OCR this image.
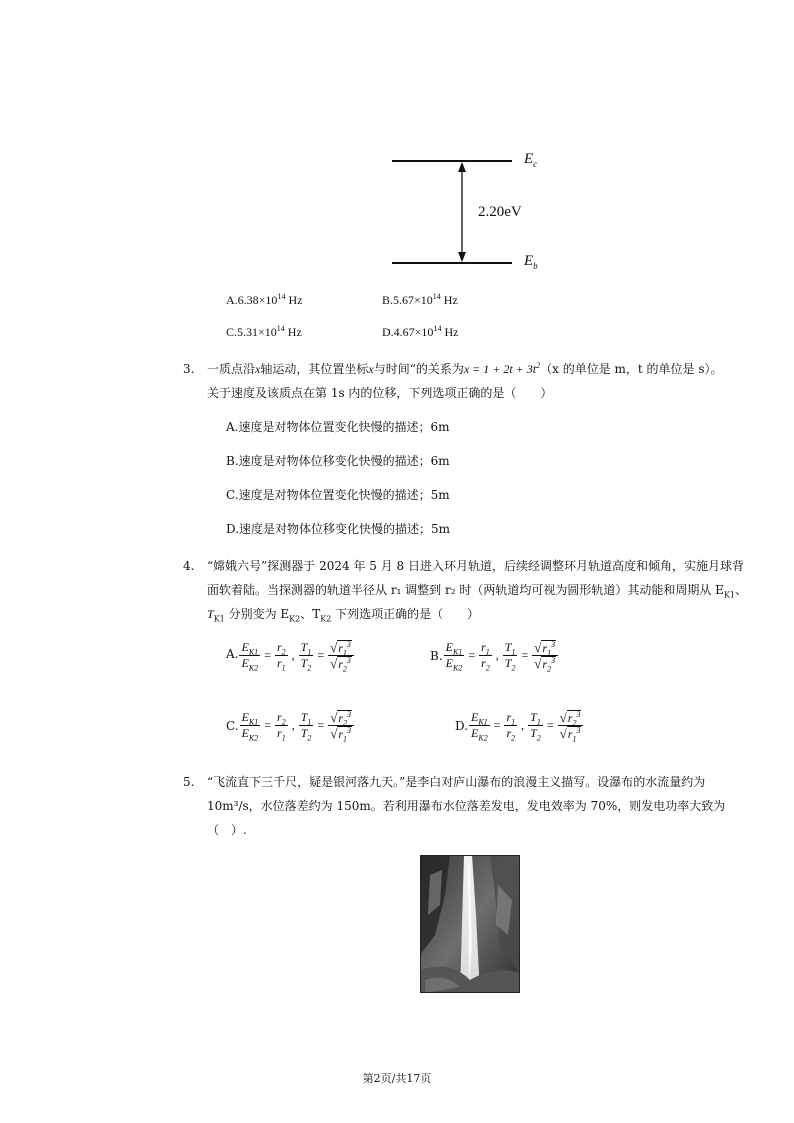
$E_c$
$E_b$
2.20eV
$A.6.38\times 10^{14}$ Hz	$B.5.67\times 10^{14}$ Hz
$C.5.31\times 10^{14}$ Hz	$D.4.67\times 10^{14}$ Hz
3. 一质点沿x轴运动，其位置坐标x与时间“的关系为$x = 1 + 2t + 3t^2(x$ 的单位是 m，t 的单位是 s）。
关于速度及该质点在第 1s 内的位移，下列选项正确的是（　　）
A.速度是对物体位置变化快慢的描述；6m
B.速度是对物体位移变化快慢的描述；6m
C.速度是对物体位置变化快慢的描述；5m
D.速度是对物体位移变化快慢的描述；5m
4. “嫦娥六号”探测器于 2024 年 5 月 8 日进入环月轨道，后续经调整环月轨道高度和倾角，实施月球背
面软着陆。当探测器的轨道半径从 r₁ 调整到 r₂ 时（两轨道均可视为圆形轨道）其动能和周期从 $E_{K1}$、
$T_{K1}$ 分别变为 $E_{K2}$、$T_{K2}$ 下列选项正确的是（　　）
A. $\frac{E_{K1}}{E_{K2}} = \frac{r_2}{r_1}$ , $\frac{T_1}{T_2} = \frac{√ r_1^3}{√ r_2^3}$	B. $\frac{E_{K1}}{E_{K2}} = \frac{r_1}{r_2}$ , $\frac{T_1}{T_2} = \frac{√ r_1^3}{√ r_2^3}$
C. $\frac{E_{K1}}{E_{K2}} = \frac{r_2}{r_1}$ , $\frac{T_1}{T_2} = \frac{√ r_2^3}{√ r_1^3}$	D. $\frac{E_{K1}}{E_{K2}} = \frac{r_1}{r_2}$ , $\frac{T_1}{T_2} = \frac{√ r_2^3}{√ r_1^3}$
5. “飞流直下三千尺，疑是银河落九天。”是李白对庐山瀑布的浪漫主义描写。设瀑布的水流量约为
10m³/s，水位落差约为 150m。若利用瀑布水位落差发电，发电效率为 70%，则发电功率大致为
（　）.
第2页/共17页
